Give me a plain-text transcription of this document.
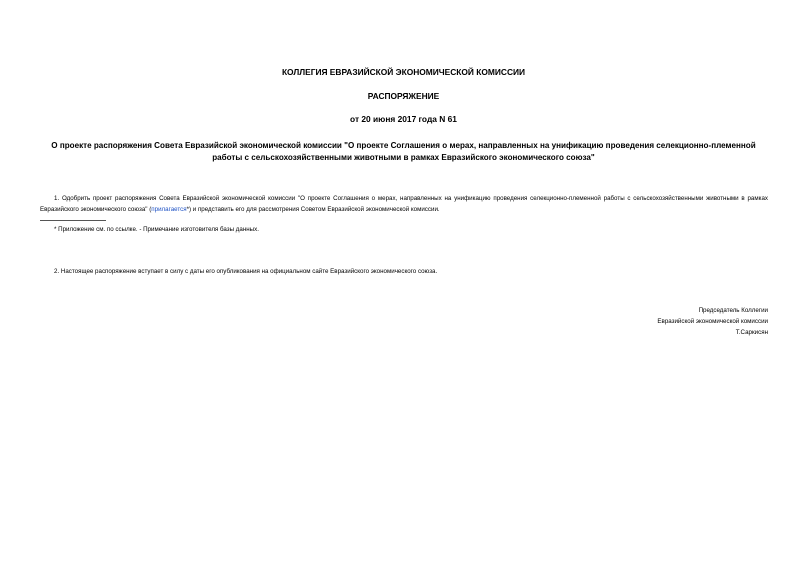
КОЛЛЕГИЯ ЕВРАЗИЙСКОЙ ЭКОНОМИЧЕСКОЙ КОМИССИИ
РАСПОРЯЖЕНИЕ
от 20 июня 2017 года N 61
О проекте распоряжения Совета Евразийской экономической комиссии "О проекте Соглашения о мерах, направленных на унификацию проведения селекционно-племенной работы с сельскохозяйственными животными в рамках Евразийского экономического союза"
1. Одобрить проект распоряжения Совета Евразийской экономической комиссии "О проекте Соглашения о мерах, направленных на унификацию проведения селекционно-племенной работы с сельскохозяйственными животными в рамках Евразийского экономического союза" (прилагается*) и представить его для рассмотрения Советом Евразийской экономической комиссии.
* Приложение см. по ссылке. - Примечание изготовителя базы данных.
2. Настоящее распоряжение вступает в силу с даты его опубликования на официальном сайте Евразийского экономического союза.
Председатель Коллегии
Евразийской экономической комиссии
Т.Саркисян
